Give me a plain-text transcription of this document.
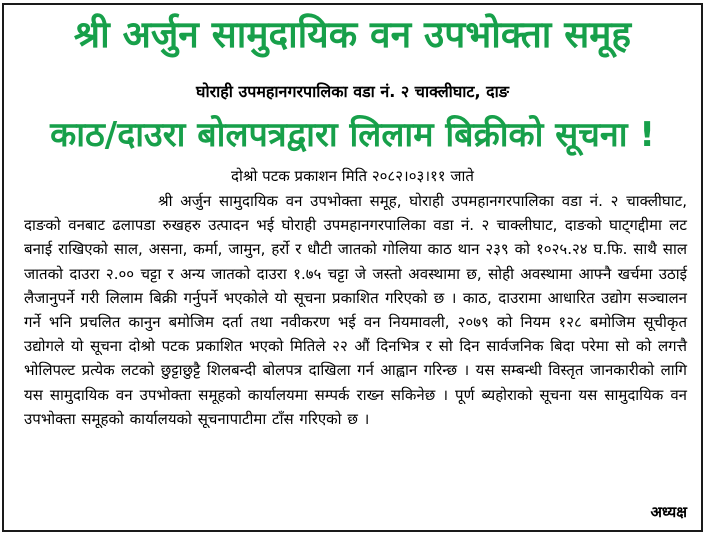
श्री अर्जुन सामुदायिक वन उपभोक्ता समूह
घोराही उपमहानगरपालिका वडा नं. २ चाक्लीघाट, दाङ
काठ/दाउरा बोलपत्रद्वारा लिलाम बिक्रीको सूचना !
दोश्रो पटक प्रकाशन मिति २०८२।०३।११ जाते

श्री अर्जुन सामुदायिक वन उपभोक्ता समूह, घोराही उपमहानगरपालिका वडा नं. २ चाक्लीघाट, दाङको वनबाट ढलापडा रुखहरु उत्पादन भई घोराही उपमहानगरपालिका वडा नं. २ चाक्लीघाट, दाङको घाट्गद्दीमा लट बनाई राखिएको साल, असना, कर्मा, जामुन, हर्रो र धौटी जातको गोलिया काठ थान २३९ को १०२५.२४ घ.फि. साथै साल जातको दाउरा २.०० चट्टा र अन्य जातको दाउरा १.७५ चट्टा जे जस्तो अवस्थामा छ, सोही अवस्थामा आफ्नै खर्चमा उठाई लैजानुपर्ने गरी लिलाम बिक्री गर्नुपर्ने भएकोले यो सूचना प्रकाशित गरिएको छ । काठ, दाउरामा आधारित उद्योग सञ्चालन गर्ने भनि प्रचलित कानुन बमोजिम दर्ता तथा नवीकरण भई वन नियमावली, २०७९ को नियम १२८ बमोजिम सूचीकृत उद्योगले यो सूचना दोश्रो पटक प्रकाशित भएको मितिले २२ औं दिनभित्र र सो दिन सार्वजनिक बिदा परेमा सो को लगत्तै भोलिपल्ट प्रत्येक लटको छुट्टाछुट्टै शिलबन्दी बोलपत्र दाखिला गर्न आह्वान गरिन्छ । यस सम्बन्धी विस्तृत जानकारीको लागि यस सामुदायिक वन उपभोक्ता समूहको कार्यालयमा सम्पर्क राख्न सकिनेछ । पूर्ण ब्यहोराको सूचना यस सामुदायिक वन उपभोक्ता समूहको कार्यालयको सूचनापाटीमा टाँस गरिएको छ ।

अध्यक्ष
